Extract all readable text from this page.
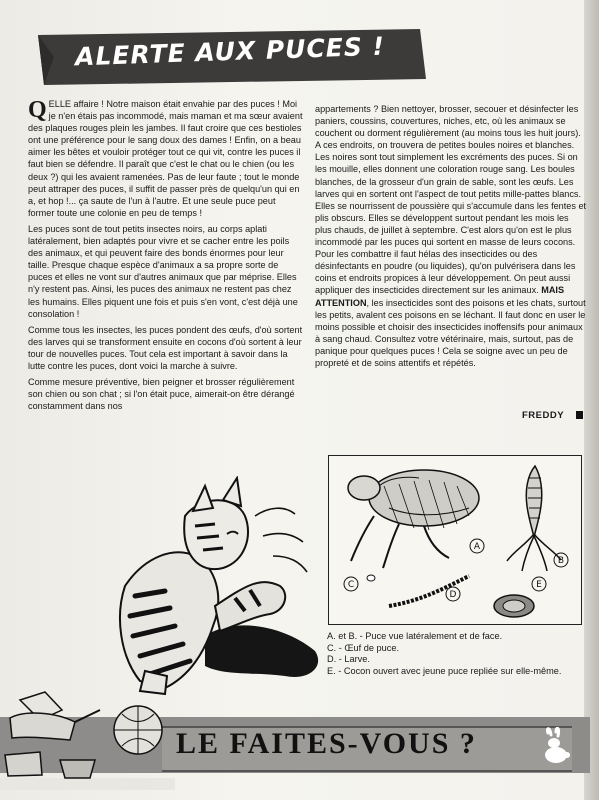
ALERTE AUX PUCES !

QELLE affaire ! Notre maison était envahie par des puces ! Moi je n'en étais pas incommodé, mais maman et ma sœur avaient des plaques rouges plein les jambes. Il faut croire que ces bestioles ont une préférence pour le sang doux des dames ! Enfin, on a beau aimer les bêtes et vouloir protéger tout ce qui vit, contre les puces il faut bien se défendre. Il paraît que c'est le chat ou le chien (ou les deux ?) qui les avaient ramenées. Pas de leur faute ; tout le monde peut attraper des puces, il suffit de passer près de quelqu'un qui en a, et hop !... ça saute de l'un à l'autre. Et une seule puce peut former toute une colonie en peu de temps !

Les puces sont de tout petits insectes noirs, au corps aplati latéralement, bien adaptés pour vivre et se cacher entre les poils des animaux, et qui peuvent faire des bonds énormes pour leur taille. Presque chaque espèce d'animaux a sa propre sorte de puces et elles ne vont sur d'autres animaux que par méprise. Elles n'y restent pas. Ainsi, les puces des animaux ne restent pas chez les humains. Elles piquent une fois et puis s'en vont, c'est déjà une consolation !

Comme tous les insectes, les puces pondent des œufs, d'où sortent des larves qui se transforment ensuite en cocons d'où sortent à leur tour de nouvelles puces. Tout cela est important à savoir dans la lutte contre les puces, dont voici la marche à suivre.

Comme mesure préventive, bien peigner et brosser régulièrement son chien ou son chat ; si l'on était puce, aimerait-on être dérangé constamment dans nos

appartements ? Bien nettoyer, brosser, secouer et désinfecter les paniers, coussins, couvertures, niches, etc, où les animaux se couchent ou dorment régulièrement (au moins tous les huit jours). A ces endroits, on trouvera de petites boules noires et blanches. Les noires sont tout simplement les excréments des puces. Si on les mouille, elles donnent une coloration rouge sang. Les boules blanches, de la grosseur d'un grain de sable, sont les œufs. Les larves qui en sortent ont l'aspect de tout petits mille-pattes blancs. Elles se nourrissent de poussière qui s'accumule dans les fentes et plis obscurs. Elles se développent surtout pendant les mois les plus chauds, de juillet à septembre. C'est alors qu'on est le plus incommodé par les puces qui sortent en masse de leurs cocons. Pour les combattre il faut hélas des insecticides ou des désinfectants en poudre (ou liquides), qu'on pulvérisera dans les coins et endroits propices à leur développement. On peut aussi appliquer des insecticides directement sur les animaux. MAIS ATTENTION, les insecticides sont des poisons et les chats, surtout les petits, avalent ces poisons en se léchant. Il faut donc en user le moins possible et choisir des insecticides inoffensifs pour animaux à sang chaud. Consultez votre vétérinaire, mais, surtout, pas de panique pour quelques puces ! Cela se soigne avec un peu de propreté et de soins attentifs et répétés.

FREDDY
A
B
C
D
E
A. et B. - Puce vue latéralement et de face.
C. - Œuf de puce.
D. - Larve.
E. - Cocon ouvert avec jeune puce repliée sur elle-même.
LE FAITES-VOUS ?
